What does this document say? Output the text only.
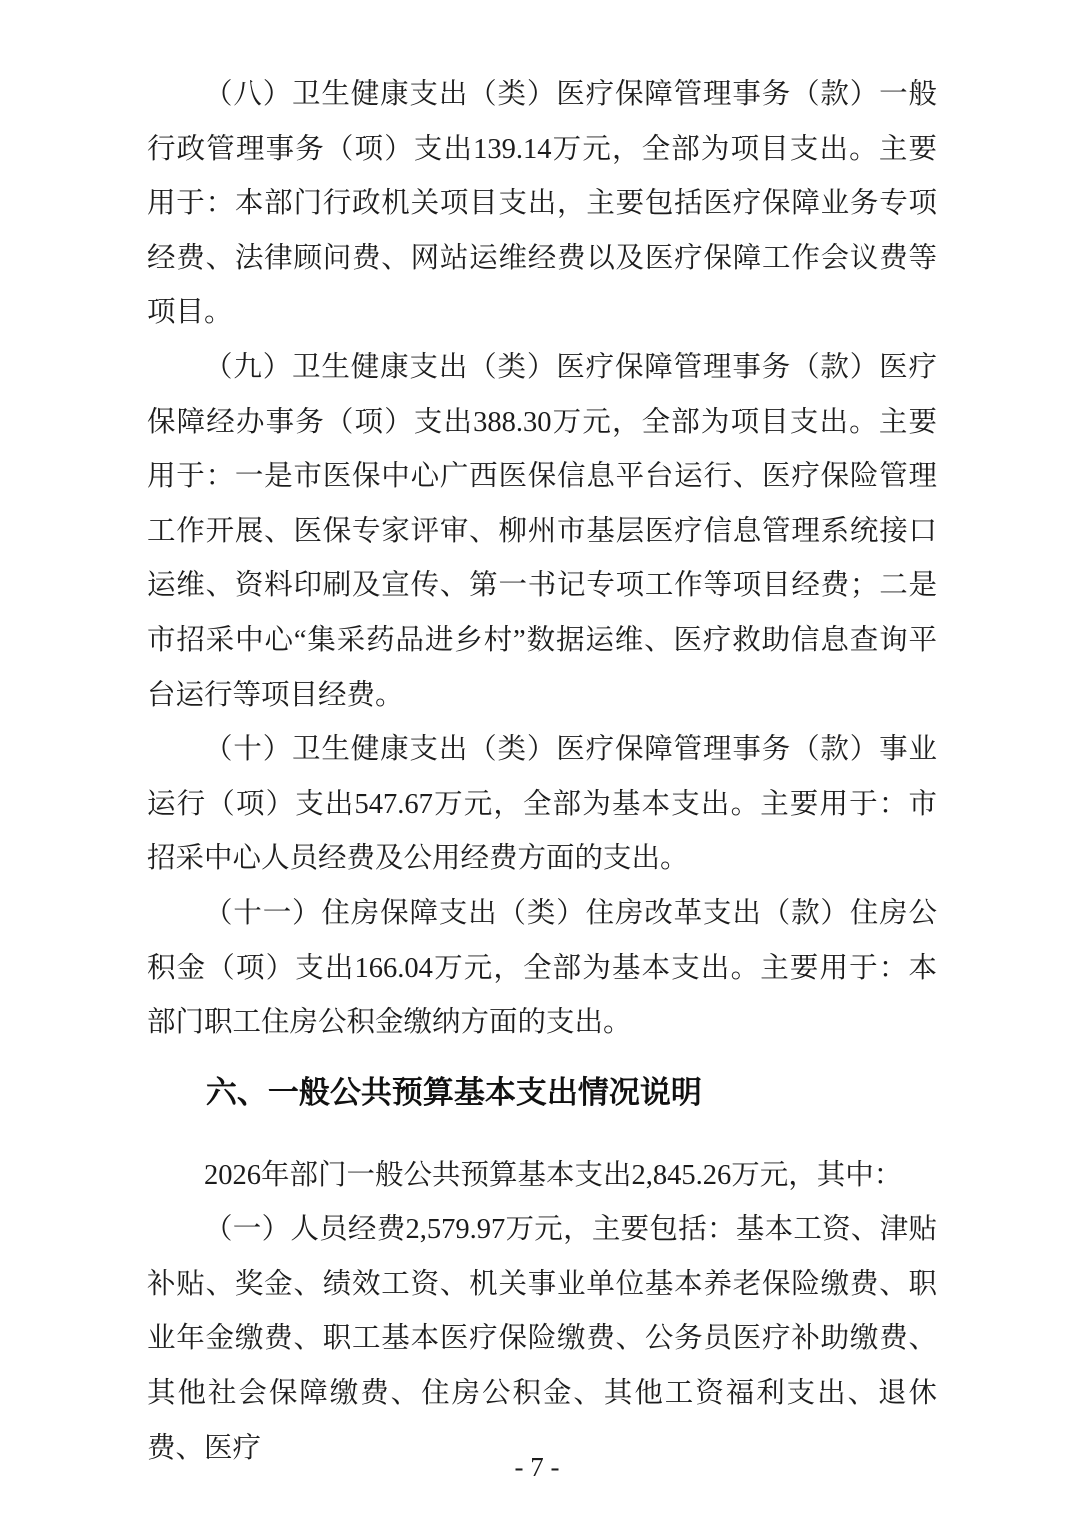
（八）卫生健康支出（类）医疗保障管理事务（款）一般行政管理事务（项）支出139.14万元，全部为项目支出。主要用于：本部门行政机关项目支出，主要包括医疗保障业务专项经费、法律顾问费、网站运维经费以及医疗保障工作会议费等项目。

（九）卫生健康支出（类）医疗保障管理事务（款）医疗保障经办事务（项）支出388.30万元，全部为项目支出。主要用于：一是市医保中心广西医保信息平台运行、医疗保险管理工作开展、医保专家评审、柳州市基层医疗信息管理系统接口运维、资料印刷及宣传、第一书记专项工作等项目经费；二是市招采中心“集采药品进乡村”数据运维、医疗救助信息查询平台运行等项目经费。

（十）卫生健康支出（类）医疗保障管理事务（款）事业运行（项）支出547.67万元，全部为基本支出。主要用于：市招采中心人员经费及公用经费方面的支出。

（十一）住房保障支出（类）住房改革支出（款）住房公积金（项）支出166.04万元，全部为基本支出。主要用于：本部门职工住房公积金缴纳方面的支出。

六、一般公共预算基本支出情况说明

2026年部门一般公共预算基本支出2,845.26万元，其中：

（一）人员经费2,579.97万元，主要包括：基本工资、津贴补贴、奖金、绩效工资、机关事业单位基本养老保险缴费、职业年金缴费、职工基本医疗保险缴费、公务员医疗补助缴费、其他社会保障缴费、住房公积金、其他工资福利支出、退休费、医疗

- 7 -
